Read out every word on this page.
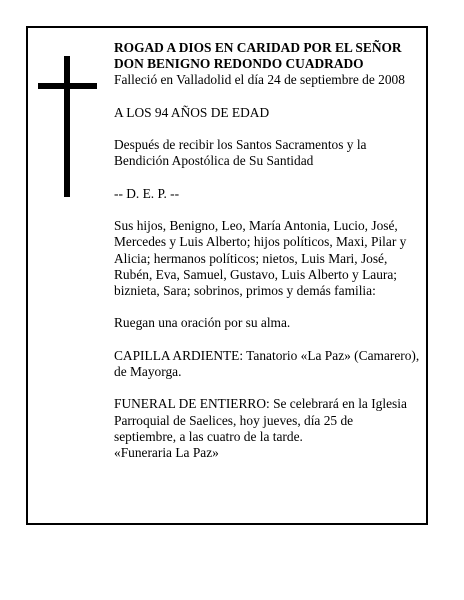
ROGAD A DIOS EN CARIDAD POR EL SEÑOR
DON BENIGNO REDONDO CUADRADO
Falleció en Valladolid el día 24 de septiembre de 2008
A LOS 94 AÑOS DE EDAD
Después de recibir los Santos Sacramentos y la
Bendición Apostólica de Su Santidad
-- D. E. P. --
Sus hijos, Benigno, Leo, María Antonia, Lucio, José,
Mercedes y Luis Alberto; hijos políticos, Maxi, Pilar y
Alicia; hermanos políticos; nietos, Luis Mari, José,
Rubén, Eva, Samuel, Gustavo, Luis Alberto y Laura;
biznieta, Sara; sobrinos, primos y demás familia:
Ruegan una oración por su alma.
CAPILLA ARDIENTE: Tanatorio «La Paz» (Camarero),
de Mayorga.
FUNERAL DE ENTIERRO: Se celebrará en la Iglesia
Parroquial de Saelices, hoy jueves, día 25 de
septiembre, a las cuatro de la tarde.
«Funeraria La Paz»
